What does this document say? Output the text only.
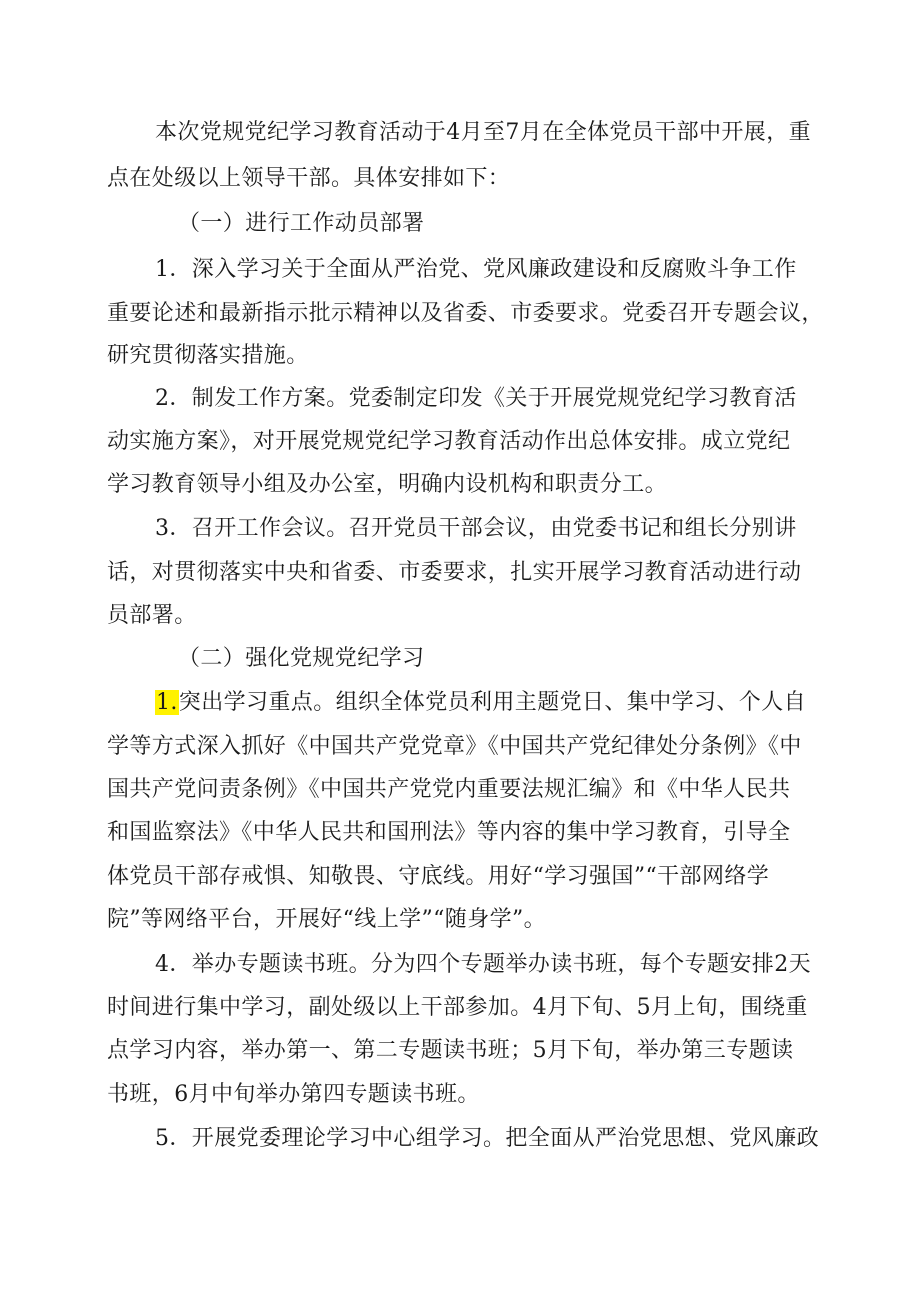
本次党规党纪学习教育活动于4月至7月在全体党员干部中开展，重
点在处级以上领导干部。具体安排如下：
（一）进行工作动员部署
1．深入学习关于全面从严治党、党风廉政建设和反腐败斗争工作
重要论述和最新指示批示精神以及省委、市委要求。党委召开专题会议，
研究贯彻落实措施。
2．制发工作方案。党委制定印发《关于开展党规党纪学习教育活
动实施方案》，对开展党规党纪学习教育活动作出总体安排。成立党纪
学习教育领导小组及办公室，明确内设机构和职责分工。
3．召开工作会议。召开党员干部会议，由党委书记和组长分别讲
话，对贯彻落实中央和省委、市委要求，扎实开展学习教育活动进行动
员部署。
（二）强化党规党纪学习
1.突出学习重点。组织全体党员利用主题党日、集中学习、个人自
学等方式深入抓好《中国共产党党章》《中国共产党纪律处分条例》《中
国共产党问责条例》《中国共产党党内重要法规汇编》和《中华人民共
和国监察法》《中华人民共和国刑法》等内容的集中学习教育，引导全
体党员干部存戒惧、知敬畏、守底线。用好“学习强国”“干部网络学
院”等网络平台，开展好“线上学”“随身学”。
4．举办专题读书班。分为四个专题举办读书班，每个专题安排2天
时间进行集中学习，副处级以上干部参加。4月下旬、5月上旬，围绕重
点学习内容，举办第一、第二专题读书班；5月下旬，举办第三专题读
书班，6月中旬举办第四专题读书班。
5．开展党委理论学习中心组学习。把全面从严治党思想、党风廉政
